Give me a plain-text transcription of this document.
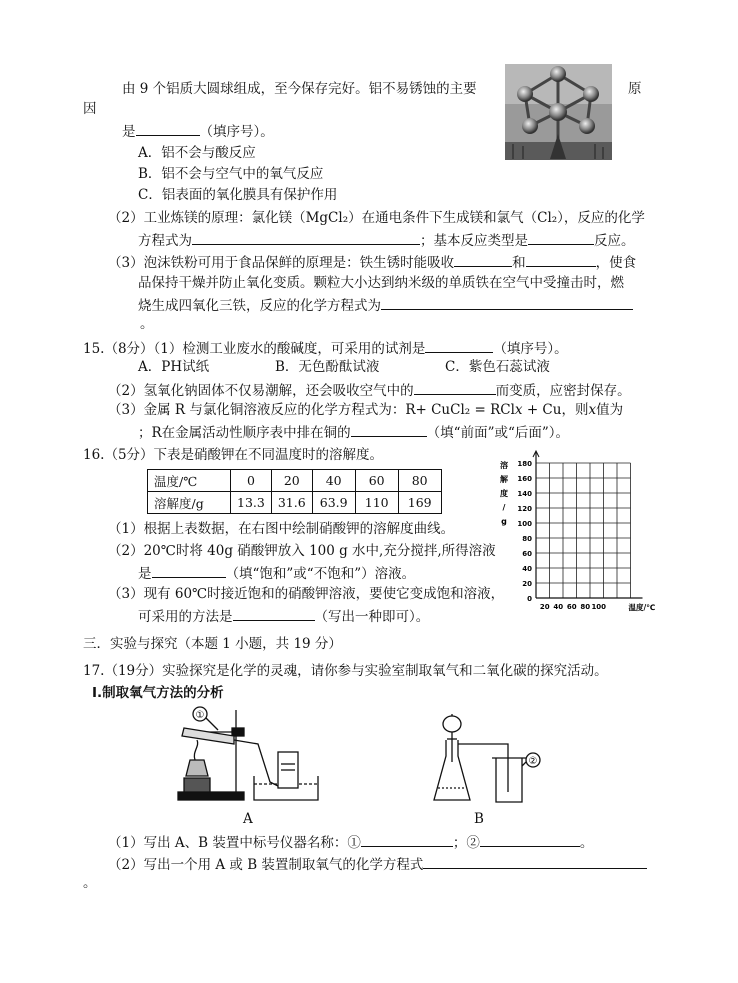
由 9 个铝质大圆球组成，至今保存完好。铝不易锈蚀的主要	原
因
是	（填序号）。
A．铝不会与酸反应
B．铝不会与空气中的氧气反应
C．铝表面的氧化膜具有保护作用
（2）工业炼镁的原理：氯化镁（MgCl₂）在通电条件下生成镁和氯气（Cl₂），反应的化学
方程式为	；基本反应类型是	反应。
（3）泡沫铁粉可用于食品保鲜的原理是：铁生锈时能吸收	和	，使食
品保持干燥并防止氧化变质。颗粒大小达到纳米级的单质铁在空气中受撞击时，燃
烧生成四氧化三铁，反应的化学方程式为
。
15.（8分）（1）检测工业废水的酸碱度，可采用的试剂是	（填序号）。
A．PH试纸	B．无色酚酞试液	C．紫色石蕊试液
（2）氢氧化钠固体不仅易潮解，还会吸收空气中的	而变质，应密封保存。
（3）金属 R 与氯化铜溶液反应的化学方程式为：R+ CuCl₂ = RClx + Cu，则x值为
；R在金属活动性顺序表中排在铜的	（填“前面”或“后面”）。
16.（5分）下表是硝酸钾在不同温度时的溶解度。
温度/℃	0	20	40	60	80
溶解度/g	13.3	31.6	63.9	110	169
180
160
140
120
100
80
60
40
20
0
20 40 60 80 100	温度/℃
溶
解
度
/
g
（1）根据上表数据，在右图中绘制硝酸钾的溶解度曲线。
（2）20℃时将 40g 硝酸钾放入 100 g 水中,充分搅拌,所得溶液
是	（填“饱和”或“不饱和”）溶液。
（3）现有 60℃时接近饱和的硝酸钾溶液，要使它变成饱和溶液，
可采用的方法是	（写出一种即可）。
三．实验与探究（本题 1 小题，共 19 分）
17.（19分）实验探究是化学的灵魂，请你参与实验室制取氧气和二氧化碳的探究活动。
Ⅰ.制取氧气方法的分析
①
A
②
B
（1）写出 A、B 装置中标号仪器名称：①	；②	。
（2）写出一个用 A 或 B 装置制取氧气的化学方程式
。
